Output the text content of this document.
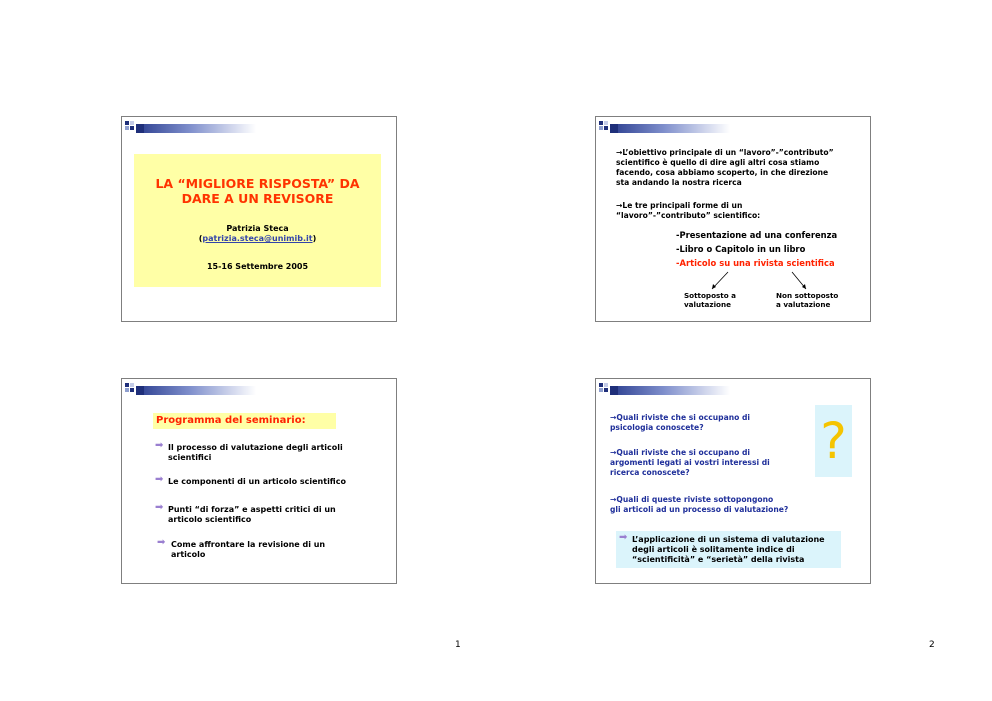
LA “MIGLIORE RISPOSTA” DA
DARE A UN REVISORE
Patrizia Steca
(patrizia.steca@unimib.it)
15-16 Settembre 2005
→L’obiettivo principale di un “lavoro”-”contributo”
scientifico è quello di dire agli altri cosa stiamo
facendo, cosa abbiamo scoperto, in che direzione
sta andando la nostra ricerca
→Le tre principali forme di un
“lavoro”-”contributo” scientifico:
-Presentazione ad una conferenza
-Libro o Capitolo in un libro
-Articolo su una rivista scientifica
Sottoposto a
valutazione
Non sottoposto
a valutazione
Programma del seminario:
➡ Il processo di valutazione degli articoli
scientifici
➡ Le componenti di un articolo scientifico
➡ Punti “di forza” e aspetti critici di un
articolo scientifico
➡ Come affrontare la revisione di un
articolo
→Quali riviste che si occupano di
psicologia conoscete?
→Quali riviste che si occupano di
argomenti legati ai vostri interessi di
ricerca conoscete?
→Quali di queste riviste sottopongono
gli articoli ad un processo di valutazione?
?
➡ L’applicazione di un sistema di valutazione
degli articoli è solitamente indice di
“scientificità” e “serietà” della rivista
1	2
